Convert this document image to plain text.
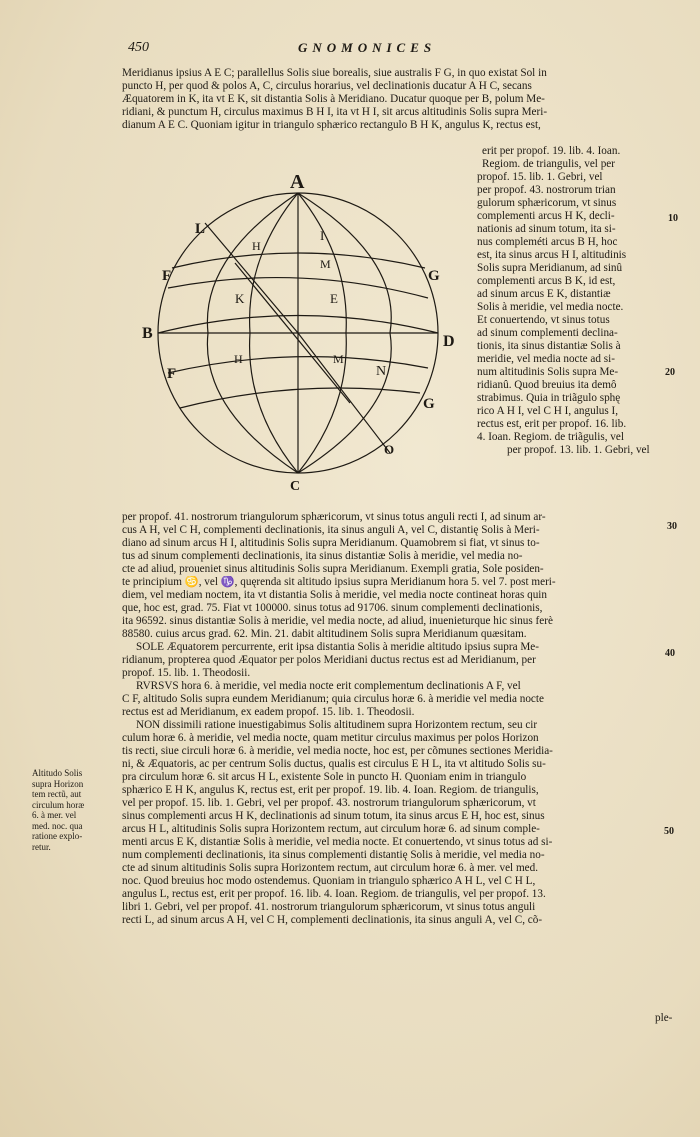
450	GNOMONICES
Meridianus ipsius A E C; parallellus Solis siue borealis, siue australis F G, in quo existat Sol in
puncto H, per quod & polos A, C, circulus horarius, vel declinationis ducatur A H C, secans
Æquatorem in K, ita vt E K, sit distantia Solis à Meridiano. Ducatur quoque per B, polum Me-
ridiani, & punctum H, circulus maximus B H I, ita vt H I, sit arcus altitudinis Solis supra Meri-
dianum A E C. Quoniam igitur in triangulo sphærico rectangulo B H K, angulus K, rectus est,
A
B
C
D
E
F
F
G
G
H
H
I
K
L
M
M
N
O
erit per propof. 19. lib. 4. Ioan.
Regiom. de triangulis, vel per
propof. 15. lib. 1. Gebri, vel
per propof. 43. nostrorum trian
gulorum sphæricorum, vt sinus
complementi arcus H K, decli-
nationis ad sinum totum, ita si-
nus compleméti arcus B H, hoc
est, ita sinus arcus H I, altitudinis
Solis supra Meridianum, ad sinû
complementi arcus B K, id est,
ad sinum arcus E K, distantiæ
Solis à meridie, vel media nocte.
Et conuertendo, vt sinus totus
ad sinum complementi declina-
tionis, ita sinus distantiæ Solis à
meridie, vel media nocte ad si-
num altitudinis Solis supra Me-
ridianû. Quod breuius ita demô
strabimus. Quia in triãgulo sphę
rico A H I, vel C H I, angulus I,
rectus est, erit per propof. 16. lib.
4. Ioan. Regiom. de triãgulis, vel
per propof. 13. lib. 1. Gebri, vel
per propof. 41. nostrorum triangulorum sphæricorum, vt sinus totus anguli recti I, ad sinum ar-
cus A H, vel C H, complementi declinationis, ita sinus anguli A, vel C, distantię Solis à Meri-
diano ad sinum arcus H I, altitudinis Solis supra Meridianum. Quamobrem si fiat, vt sinus to-
tus ad sinum complementi declinationis, ita sinus distantiæ Solis à meridie, vel media no-
cte ad aliud, proueniet sinus altitudinis Solis supra Meridianum. Exempli gratia, Sole posiden-
te principium ♋, vel ♑, quęrenda sit altitudo ipsius supra Meridianum hora 5. vel 7. post meri-
diem, vel mediam noctem, ita vt distantia Solis à meridie, vel media nocte contineat horas quin
que, hoc est, grad. 75. Fiat vt 100000. sinus totus ad 91706. sinum complementi declinationis,
ita 96592. sinus distantiæ Solis à meridie, vel media nocte, ad aliud, inuenieturque hic sinus ferè
88580. cuius arcus grad. 62. Min. 21. dabit altitudinem Solis supra Meridianum quæsitam.
SOLE Æquatorem percurrente, erit ipsa distantia Solis à meridie altitudo ipsius supra Me-
ridianum, propterea quod Æquator per polos Meridiani ductus rectus est ad Meridianum, per
propof. 15. lib. 1. Theodosii.
RVRSVS hora 6. à meridie, vel media nocte erit complementum declinationis A F, vel
C F, altitudo Solis supra eundem Meridianum; quia circulus horæ 6. à meridie vel media nocte
rectus est ad Meridianum, ex eadem propof. 15. lib. 1. Theodosii.
NON dissimili ratione inuestigabimus Solis altitudinem supra Horizontem rectum, seu cir
culum horæ 6. à meridie, vel media nocte, quam metitur circulus maximus per polos Horizon
tis recti, siue circuli horæ 6. à meridie, vel media nocte, hoc est, per cõmunes sectiones Meridia-
ni, & Æquatoris, ac per centrum Solis ductus, qualis est circulus E H L, ita vt altitudo Solis su-
pra circulum horæ 6. sit arcus H L, existente Sole in puncto H. Quoniam enim in triangulo
sphærico E H K, angulus K, rectus est, erit per propof. 19. lib. 4. Ioan. Regiom. de triangulis,
vel per propof. 15. lib. 1. Gebri, vel per propof. 43. nostrorum triangulorum sphæricorum, vt
sinus complementi arcus H K, declinationis ad sinum totum, ita sinus arcus E H, hoc est, sinus
arcus H L, altitudinis Solis supra Horizontem rectum, aut circulum horæ 6. ad sinum comple-
menti arcus E K, distantiæ Solis à meridie, vel media nocte. Et conuertendo, vt sinus totus ad si-
num complementi declinationis, ita sinus complementi distantię Solis à meridie, vel media no-
cte ad sinum altitudinis Solis supra Horizontem rectum, aut circulum horæ 6. à mer. vel med.
noc. Quod breuius hoc modo ostendemus. Quoniam in triangulo sphærico A H L, vel C H L,
angulus L, rectus est, erit per propof. 16. lib. 4. Ioan. Regiom. de triangulis, vel per propof. 13.
libri 1. Gebri, vel per propof. 41. nostrorum triangulorum sphæricorum, vt sinus totus anguli
recti L, ad sinum arcus A H, vel C H, complementi declinationis, ita sinus anguli A, vel C, cõ-
Altitudo Solis
supra Horizon
tem rectũ, aut
circulum horæ
6. à mer. vel
med. noc. qua
ratione explo-
retur.
10
20
30
40
50
ple-
